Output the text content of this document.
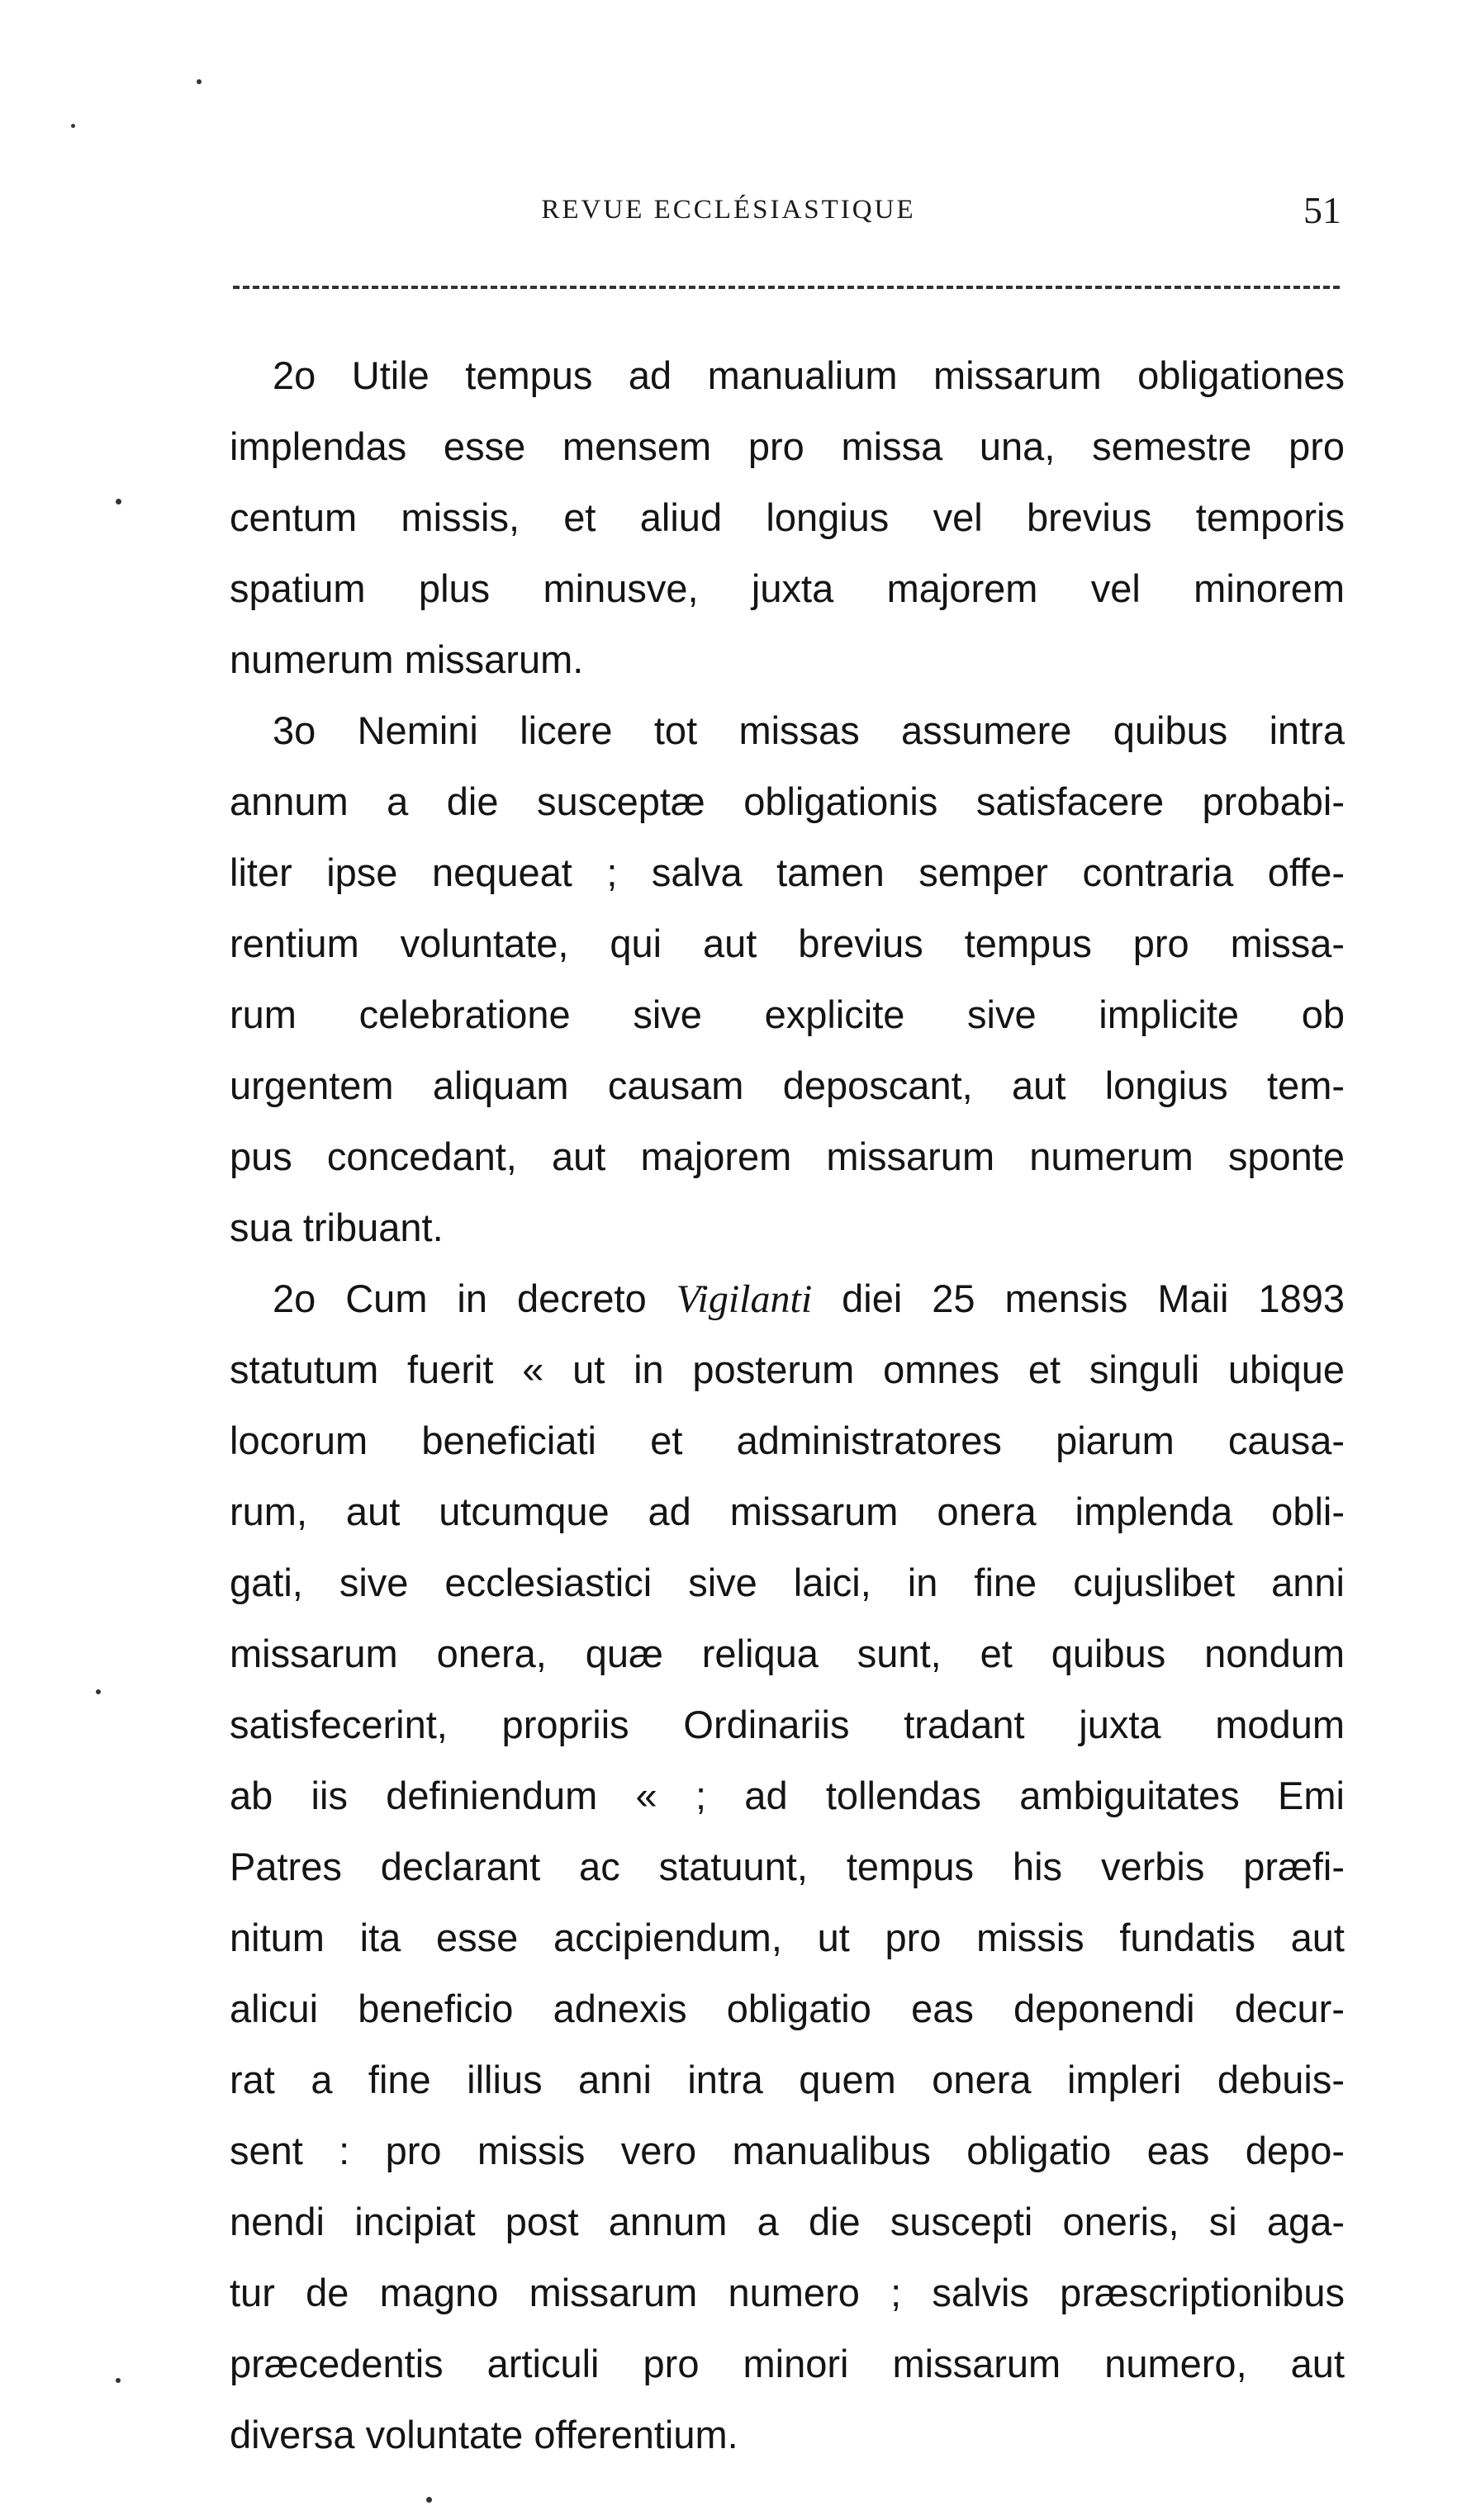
REVUE ECCLÉSIASTIQUE	51
2o Utile tempus ad manualium missarum obligationes
implendas esse mensem pro missa una, semestre pro
centum missis, et aliud longius vel brevius temporis
spatium plus minusve, juxta majorem vel minorem
numerum missarum.
3o Nemini licere tot missas assumere quibus intra
annum a die susceptæ obligationis satisfacere probabi-
liter ipse nequeat ; salva tamen semper contraria offe-
rentium voluntate, qui aut brevius tempus pro missa-
rum celebratione sive explicite sive implicite ob
urgentem aliquam causam deposcant, aut longius tem-
pus concedant, aut majorem missarum numerum sponte
sua tribuant.
2o Cum in decreto Vigilanti diei 25 mensis Maii 1893
statutum fuerit « ut in posterum omnes et singuli ubique
locorum beneficiati et administratores piarum causa-
rum, aut utcumque ad missarum onera implenda obli-
gati, sive ecclesiastici sive laici, in fine cujuslibet anni
missarum onera, quæ reliqua sunt, et quibus nondum
satisfecerint, propriis Ordinariis tradant juxta modum
ab iis definiendum « ; ad tollendas ambiguitates Emi
Patres declarant ac statuunt, tempus his verbis præfi-
nitum ita esse accipiendum, ut pro missis fundatis aut
alicui beneficio adnexis obligatio eas deponendi decur-
rat a fine illius anni intra quem onera impleri debuis-
sent : pro missis vero manualibus obligatio eas depo-
nendi incipiat post annum a die suscepti oneris, si aga-
tur de magno missarum numero ; salvis præscriptionibus
præcedentis articuli pro minori missarum numero, aut
diversa voluntate offerentium.
